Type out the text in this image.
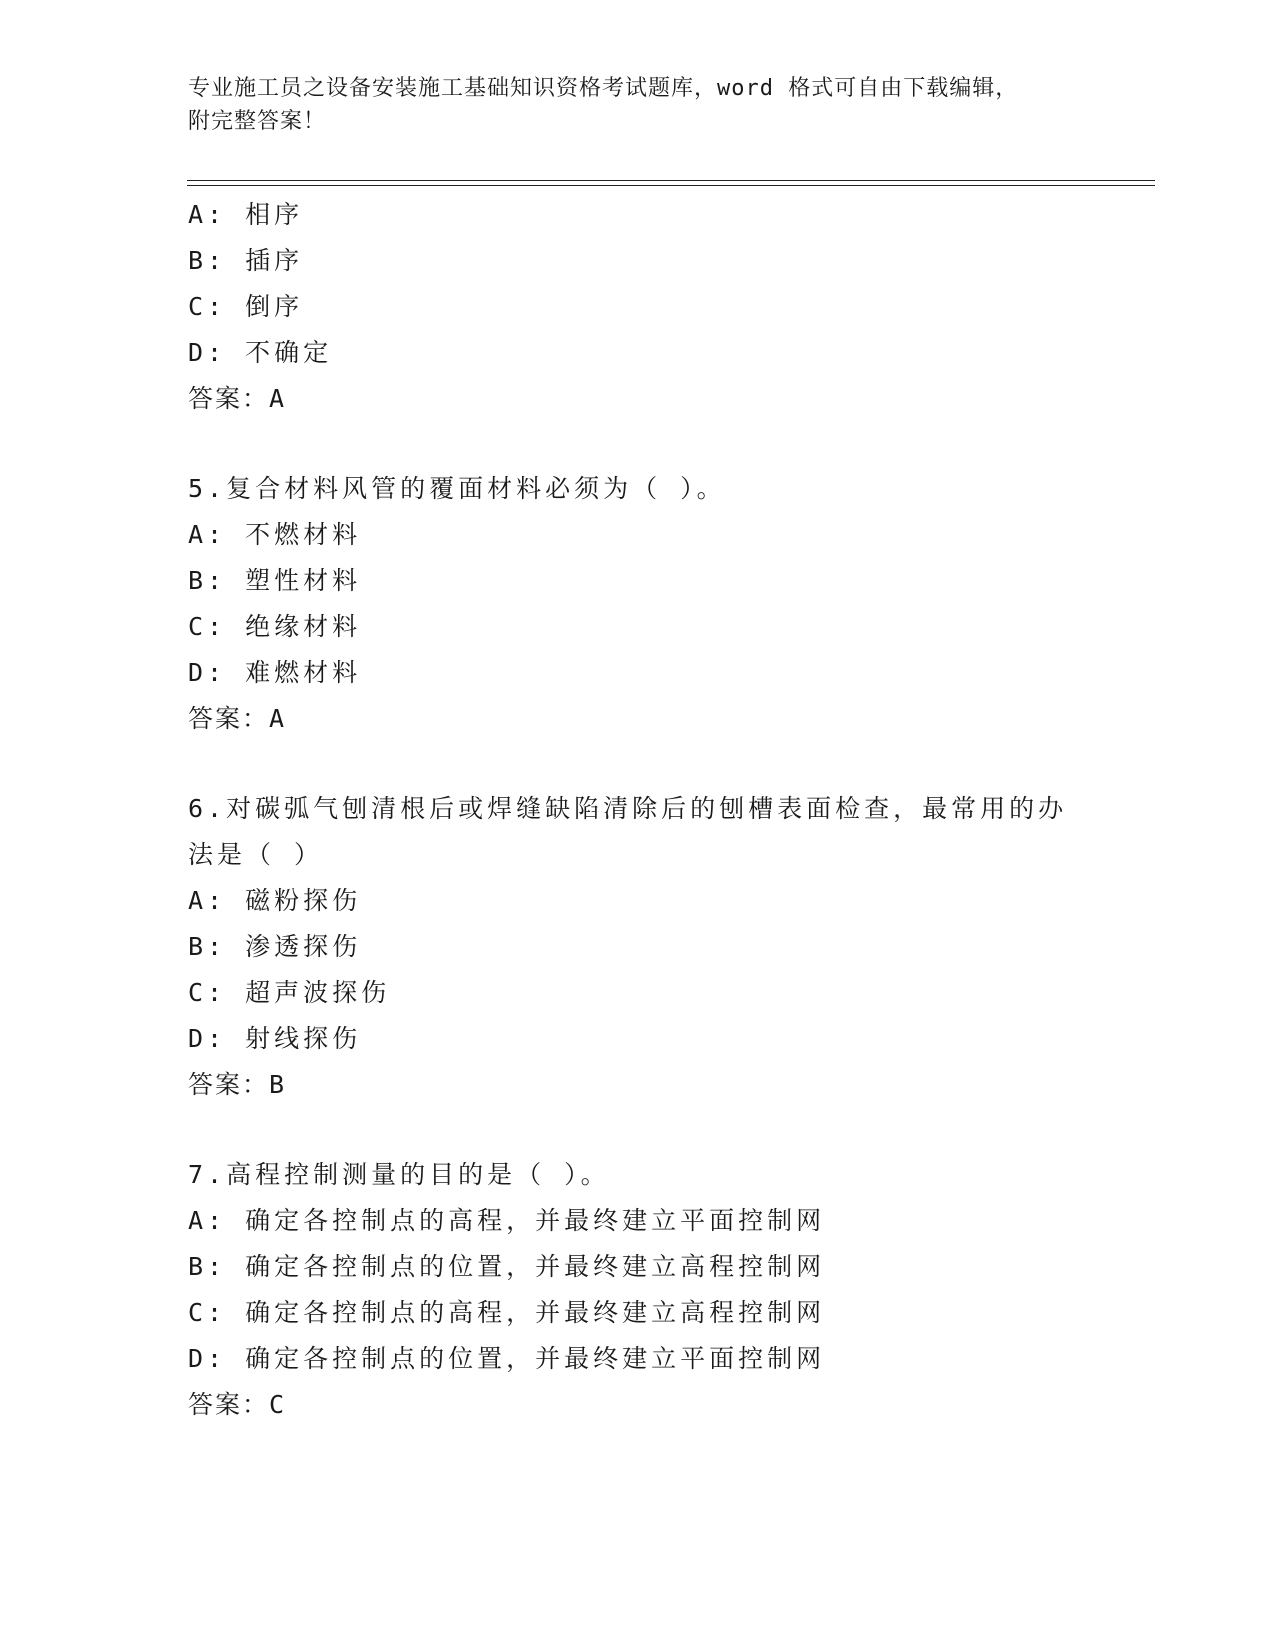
专业施工员之设备安装施工基础知识资格考试题库，word 格式可自由下载编辑，
附完整答案！
A: 相序
B: 插序
C: 倒序
D: 不确定
答案：A
5.复合材料风管的覆面材料必须为（ ）。
A: 不燃材料
B: 塑性材料
C: 绝缘材料
D: 难燃材料
答案：A
6.对碳弧气刨清根后或焊缝缺陷清除后的刨槽表面检查，最常用的办
法是（ ）
A: 磁粉探伤
B: 渗透探伤
C: 超声波探伤
D: 射线探伤
答案：B
7.高程控制测量的目的是（ ）。
A: 确定各控制点的高程，并最终建立平面控制网
B: 确定各控制点的位置，并最终建立高程控制网
C: 确定各控制点的高程，并最终建立高程控制网
D: 确定各控制点的位置，并最终建立平面控制网
答案：C
